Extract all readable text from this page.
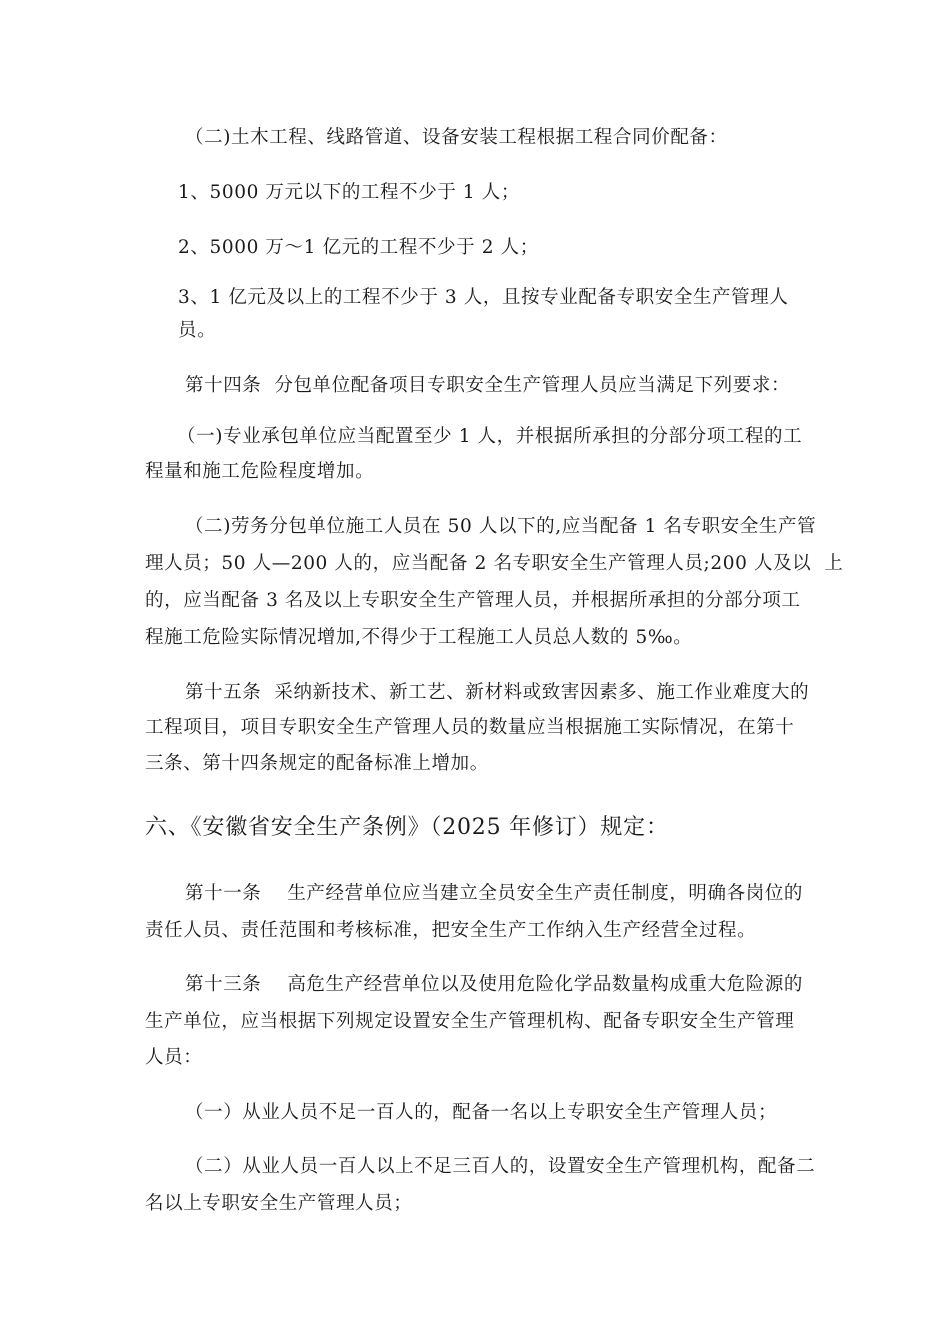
（二)土木工程、线路管道、设备安装工程根据工程合同价配备：
1、5000 万元以下的工程不少于 1 人；
2、5000 万～1 亿元的工程不少于 2 人；
3、1 亿元及以上的工程不少于 3 人，且按专业配备专职安全生产管理人
员。
第十四条  分包单位配备项目专职安全生产管理人员应当满足下列要求：
（一)专业承包单位应当配置至少 1 人，并根据所承担的分部分项工程的工
程量和施工危险程度增加。
（二)劳务分包单位施工人员在 50 人以下的,应当配备 1 名专职安全生产管
理人员；50 人—200 人的，应当配备 2 名专职安全生产管理人员;200 人及以  上
的，应当配备 3 名及以上专职安全生产管理人员，并根据所承担的分部分项工
程施工危险实际情况增加,不得少于工程施工人员总人数的 5‰。
第十五条  采纳新技术、新工艺、新材料或致害因素多、施工作业难度大的
工程项目，项目专职安全生产管理人员的数量应当根据施工实际情况，在第十
三条、第十四条规定的配备标准上增加。
六、《安徽省安全生产条例》（2025 年修订）规定：
第十一条    生产经营单位应当建立全员安全生产责任制度，明确各岗位的
责任人员、责任范围和考核标准，把安全生产工作纳入生产经营全过程。
第十三条    高危生产经营单位以及使用危险化学品数量构成重大危险源的
生产单位，应当根据下列规定设置安全生产管理机构、配备专职安全生产管理
人员：
（一）从业人员不足一百人的，配备一名以上专职安全生产管理人员；
（二）从业人员一百人以上不足三百人的，设置安全生产管理机构，配备二
名以上专职安全生产管理人员；
